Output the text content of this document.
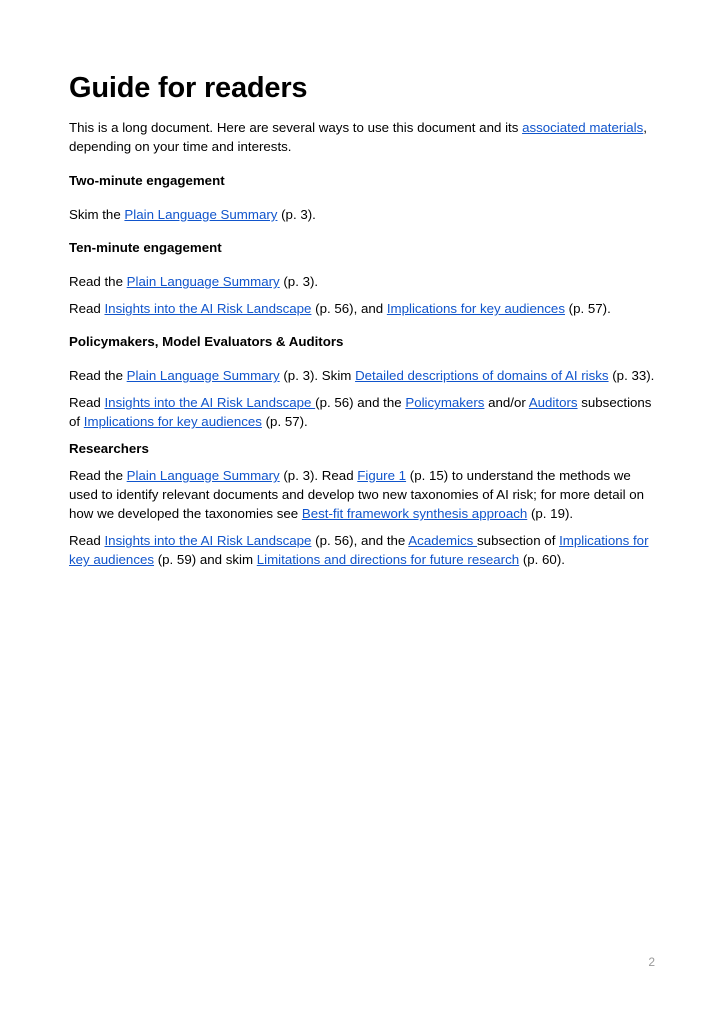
Guide for readers

This is a long document. Here are several ways to use this document and its associated materials, depending on your time and interests.

Two-minute engagement

Skim the Plain Language Summary (p. 3).

Ten-minute engagement

Read the Plain Language Summary (p. 3).

Read Insights into the AI Risk Landscape (p. 56), and Implications for key audiences (p. 57).

Policymakers, Model Evaluators & Auditors

Read the Plain Language Summary (p. 3). Skim Detailed descriptions of domains of AI risks (p. 33).

Read Insights into the AI Risk Landscape (p. 56) and the Policymakers and/or Auditors subsections of Implications for key audiences (p. 57).

Researchers

Read the Plain Language Summary (p. 3). Read Figure 1 (p. 15) to understand the methods we used to identify relevant documents and develop two new taxonomies of AI risk; for more detail on how we developed the taxonomies see Best-fit framework synthesis approach (p. 19).

Read Insights into the AI Risk Landscape (p. 56), and the Academics subsection of Implications for key audiences (p. 59) and skim Limitations and directions for future research (p. 60).

2
